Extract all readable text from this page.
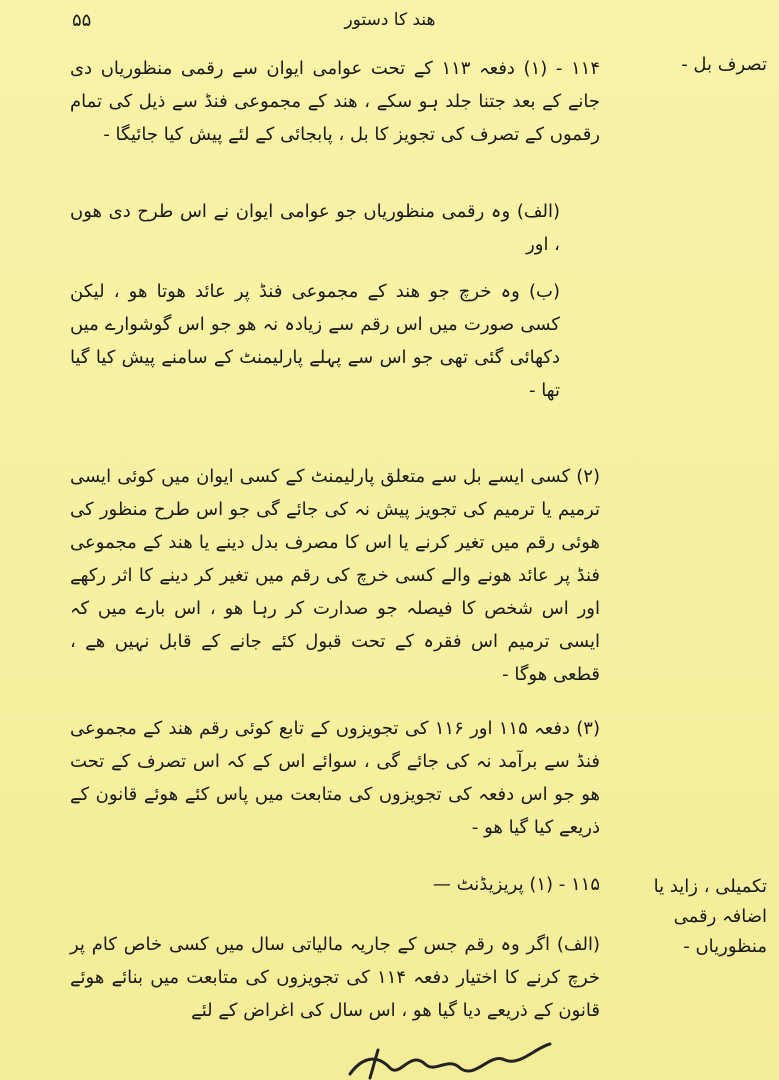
۵۵	ھند کا دستور
تصرف بل -

۱۱۴ - (۱) دفعہ ۱۱۳ کے تحت عوامی ایوان سے رقمی منظوریاں دی جانے کے بعد جتنا جلد ہو سکے ، ھند کے مجموعی فنڈ سے ذیل کی تمام رقموں کے تصرف کی تجویز کا بل ، پابجائی کے لئے پیش کیا جائیگا -

(الف) وہ رقمی منظوریاں جو عوامی ایوان نے اس طرح دی ھوں ، اور

(ب) وہ خرچ جو ھند کے مجموعی فنڈ پر عائد ھوتا ھو ، لیکن کسی صورت میں اس رقم سے زیادہ نہ ھو جو اس گوشوارے میں دکھائی گئی تھی جو اس سے پہلے پارلیمنٹ کے سامنے پیش کیا گیا تھا -

(۲) کسی ایسے بل سے متعلق پارلیمنٹ کے کسی ایوان میں کوئی ایسی ترمیم یا ترمیم کی تجویز پیش نہ کی جائے گی جو اس طرح منظور کی ھوئی رقم میں تغیر کرنے یا اس کا مصرف بدل دینے یا ھند کے مجموعی فنڈ پر عائد ھونے والے کسی خرچ کی رقم میں تغیر کر دینے کا اثر رکھے اور اس شخص کا فیصلہ جو صدارت کر رہا ھو ، اس بارے میں کہ ایسی ترمیم اس فقرہ کے تحت قبول کئے جانے کے قابل نہیں ھے ، قطعی ھوگا -

(۳) دفعہ ۱۱۵ اور ۱۱۶ کی تجویزوں کے تابع کوئی رقم ھند کے مجموعی فنڈ سے برآمد نہ کی جائے گی ، سوائے اس کے کہ اس تصرف کے تحت ھو جو اس دفعہ کی تجویزوں کی متابعت میں پاس کئے ھوئے قانون کے ذریعے کیا گیا ھو -

تکمیلی ، زاید یا اضافہ رقمی منظوریاں -
۱۱۵ - (۱) پریزیڈنٹ —

(الف) اگر وہ رقم جس کے جاریہ مالیاتی سال میں کسی خاص کام پر خرچ کرنے کا اختیار دفعہ ۱۱۴ کی تجویزوں کی متابعت میں بنائے ھوئے قانون کے ذریعے دیا گیا ھو ، اس سال کی اغراض کے لئے
